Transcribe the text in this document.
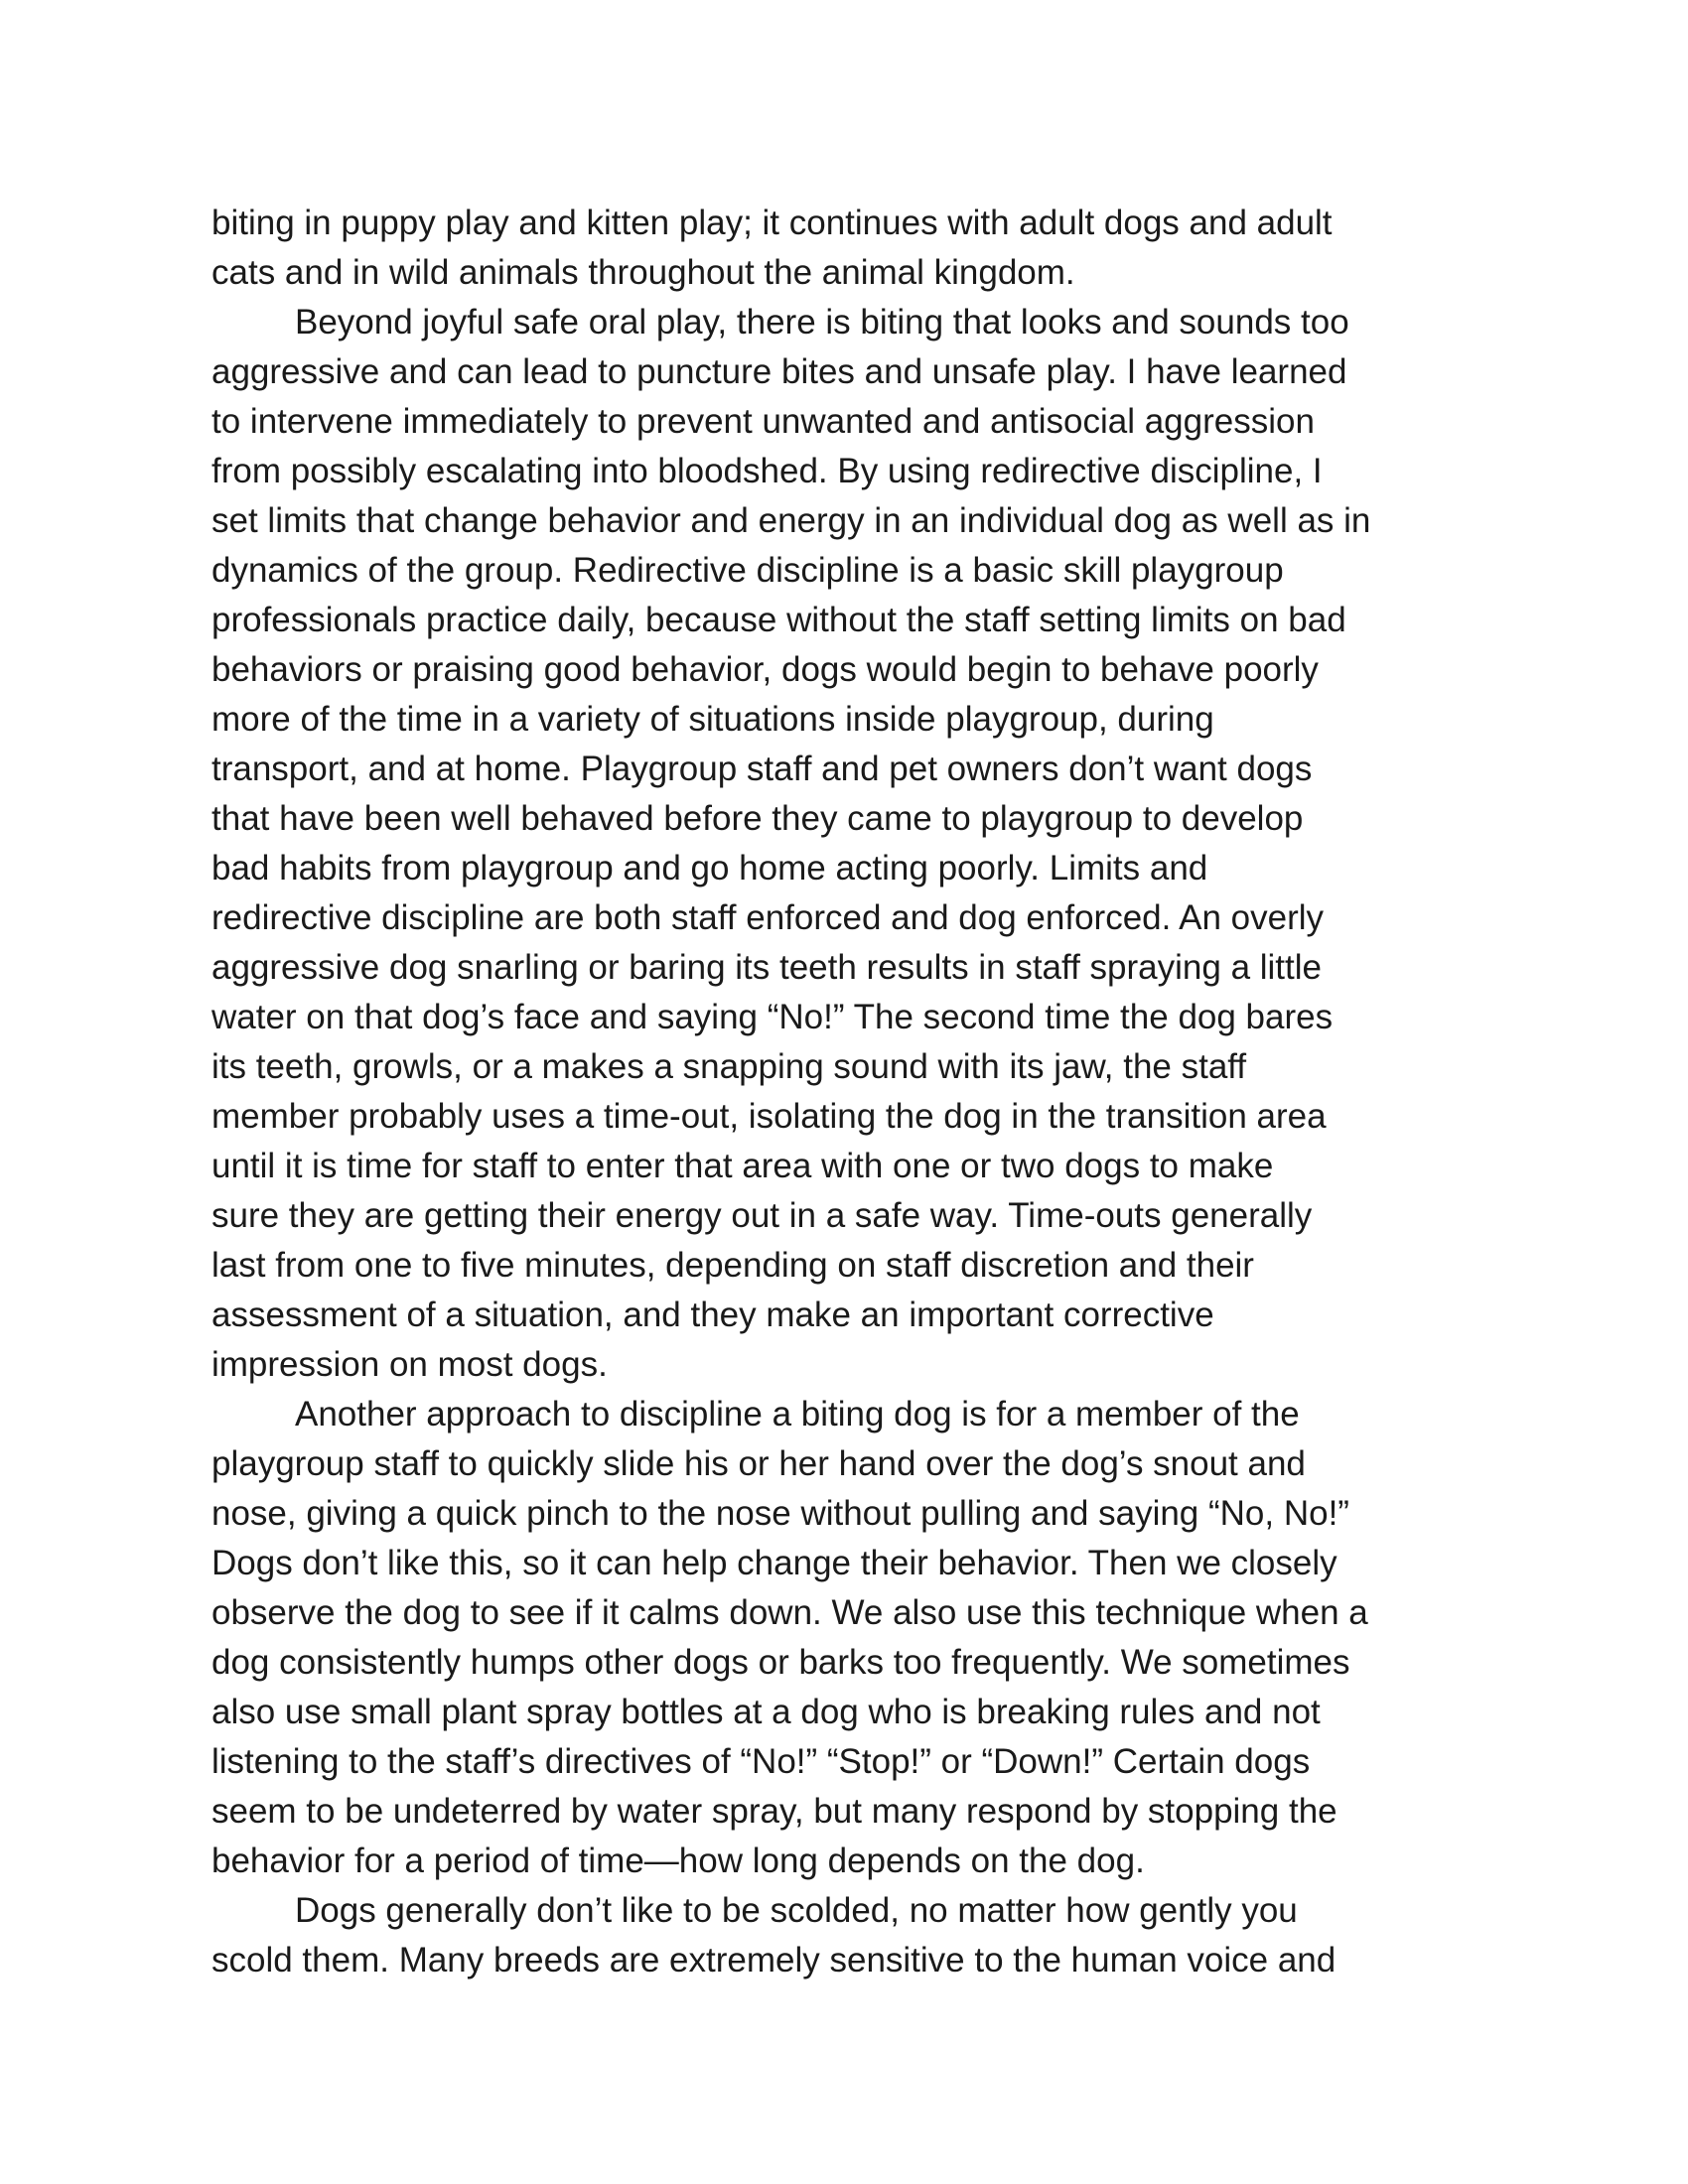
biting in puppy play and kitten play; it continues with adult dogs and adult
cats and in wild animals throughout the animal kingdom.
Beyond joyful safe oral play, there is biting that looks and sounds too
aggressive and can lead to puncture bites and unsafe play. I have learned
to intervene immediately to prevent unwanted and antisocial aggression
from possibly escalating into bloodshed. By using redirective discipline, I
set limits that change behavior and energy in an individual dog as well as in
dynamics of the group. Redirective discipline is a basic skill playgroup
professionals practice daily, because without the staff setting limits on bad
behaviors or praising good behavior, dogs would begin to behave poorly
more of the time in a variety of situations inside playgroup, during
transport, and at home. Playgroup staff and pet owners don’t want dogs
that have been well behaved before they came to playgroup to develop
bad habits from playgroup and go home acting poorly. Limits and
redirective discipline are both staff enforced and dog enforced. An overly
aggressive dog snarling or baring its teeth results in staff spraying a little
water on that dog’s face and saying “No!” The second time the dog bares
its teeth, growls, or a makes a snapping sound with its jaw, the staff
member probably uses a time-out, isolating the dog in the transition area
until it is time for staff to enter that area with one or two dogs to make
sure they are getting their energy out in a safe way. Time-outs generally
last from one to five minutes, depending on staff discretion and their
assessment of a situation, and they make an important corrective
impression on most dogs.
Another approach to discipline a biting dog is for a member of the
playgroup staff to quickly slide his or her hand over the dog’s snout and
nose, giving a quick pinch to the nose without pulling and saying “No, No!”
Dogs don’t like this, so it can help change their behavior. Then we closely
observe the dog to see if it calms down. We also use this technique when a
dog consistently humps other dogs or barks too frequently. We sometimes
also use small plant spray bottles at a dog who is breaking rules and not
listening to the staff’s directives of “No!” “Stop!” or “Down!” Certain dogs
seem to be undeterred by water spray, but many respond by stopping the
behavior for a period of time—how long depends on the dog.
Dogs generally don’t like to be scolded, no matter how gently you
scold them. Many breeds are extremely sensitive to the human voice and
